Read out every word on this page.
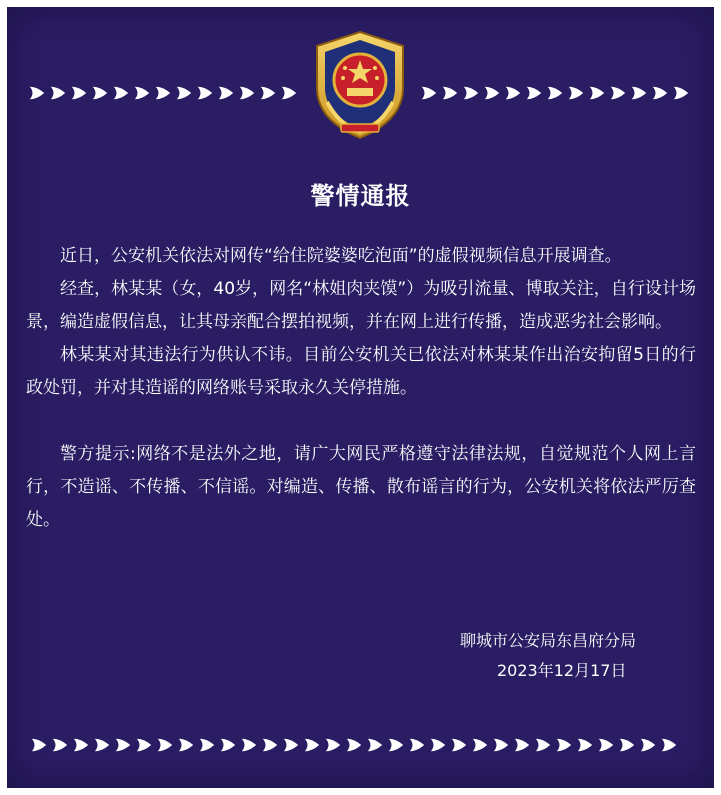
警情通报

近日，公安机关依法对网传“给住院婆婆吃泡面”的虚假视频信息开展调查。

经查，林某某（女，40岁，网名“林姐肉夹馍”）为吸引流量、博取关注，自行设计场景，编造虚假信息，让其母亲配合摆拍视频，并在网上进行传播，造成恶劣社会影响。

林某某对其违法行为供认不讳。目前公安机关已依法对林某某作出治安拘留5日的行政处罚，并对其造谣的网络账号采取永久关停措施。

警方提示:网络不是法外之地，请广大网民严格遵守法律法规，自觉规范个人网上言行，不造谣、不传播、不信谣。对编造、传播、散布谣言的行为，公安机关将依法严厉查处。

聊城市公安局东昌府分局
2023年12月17日
